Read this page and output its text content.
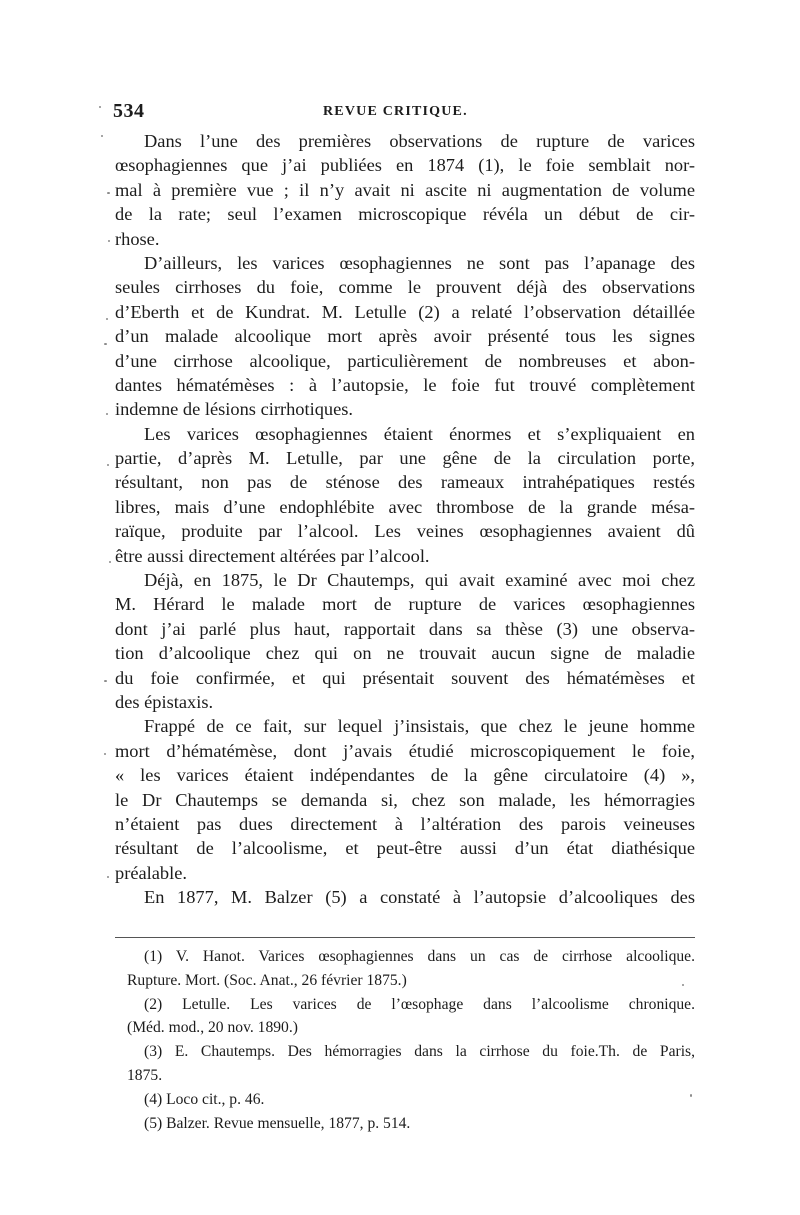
534	REVUE CRITIQUE.
Dans l’une des premières observations de rupture de varices
œsophagiennes que j’ai publiées en 1874 (1), le foie semblait nor-
mal à première vue ; il n’y avait ni ascite ni augmentation de volume
de la rate; seul l’examen microscopique révéla un début de cir-
rhose.
D’ailleurs, les varices œsophagiennes ne sont pas l’apanage des
seules cirrhoses du foie, comme le prouvent déjà des observations
d’Eberth et de Kundrat. M. Letulle (2) a relaté l’observation détaillée
d’un malade alcoolique mort après avoir présenté tous les signes
d’une cirrhose alcoolique, particulièrement de nombreuses et abon-
dantes hématémèses : à l’autopsie, le foie fut trouvé complètement
indemne de lésions cirrhotiques.
Les varices œsophagiennes étaient énormes et s’expliquaient en
partie, d’après M. Letulle, par une gêne de la circulation porte,
résultant, non pas de sténose des rameaux intrahépatiques restés
libres, mais d’une endophlébite avec thrombose de la grande mésa-
raïque, produite par l’alcool. Les veines œsophagiennes avaient dû
être aussi directement altérées par l’alcool.
Déjà, en 1875, le Dr Chautemps, qui avait examiné avec moi chez
M. Hérard le malade mort de rupture de varices œsophagiennes
dont j’ai parlé plus haut, rapportait dans sa thèse (3) une observa-
tion d’alcoolique chez qui on ne trouvait aucun signe de maladie
du foie confirmée, et qui présentait souvent des hématémèses et
des épistaxis.
Frappé de ce fait, sur lequel j’insistais, que chez le jeune homme
mort d’hématémèse, dont j’avais étudié microscopiquement le foie,
« les varices étaient indépendantes de la gêne circulatoire (4) »,
le Dr Chautemps se demanda si, chez son malade, les hémorragies
n’étaient pas dues directement à l’altération des parois veineuses
résultant de l’alcoolisme, et peut-être aussi d’un état diathésique
préalable.
En 1877, M. Balzer (5) a constaté à l’autopsie d’alcooliques des
(1) V. Hanot. Varices œsophagiennes dans un cas de cirrhose alcoolique.
Rupture. Mort. (Soc. Anat., 26 février 1875.)
(2) Letulle. Les varices de l’œsophage dans l’alcoolisme chronique.
(Méd. mod., 20 nov. 1890.)
(3) E. Chautemps. Des hémorragies dans la cirrhose du foie.Th. de Paris,
1875.
(4) Loco cit., p. 46.
(5) Balzer. Revue mensuelle, 1877, p. 514.
